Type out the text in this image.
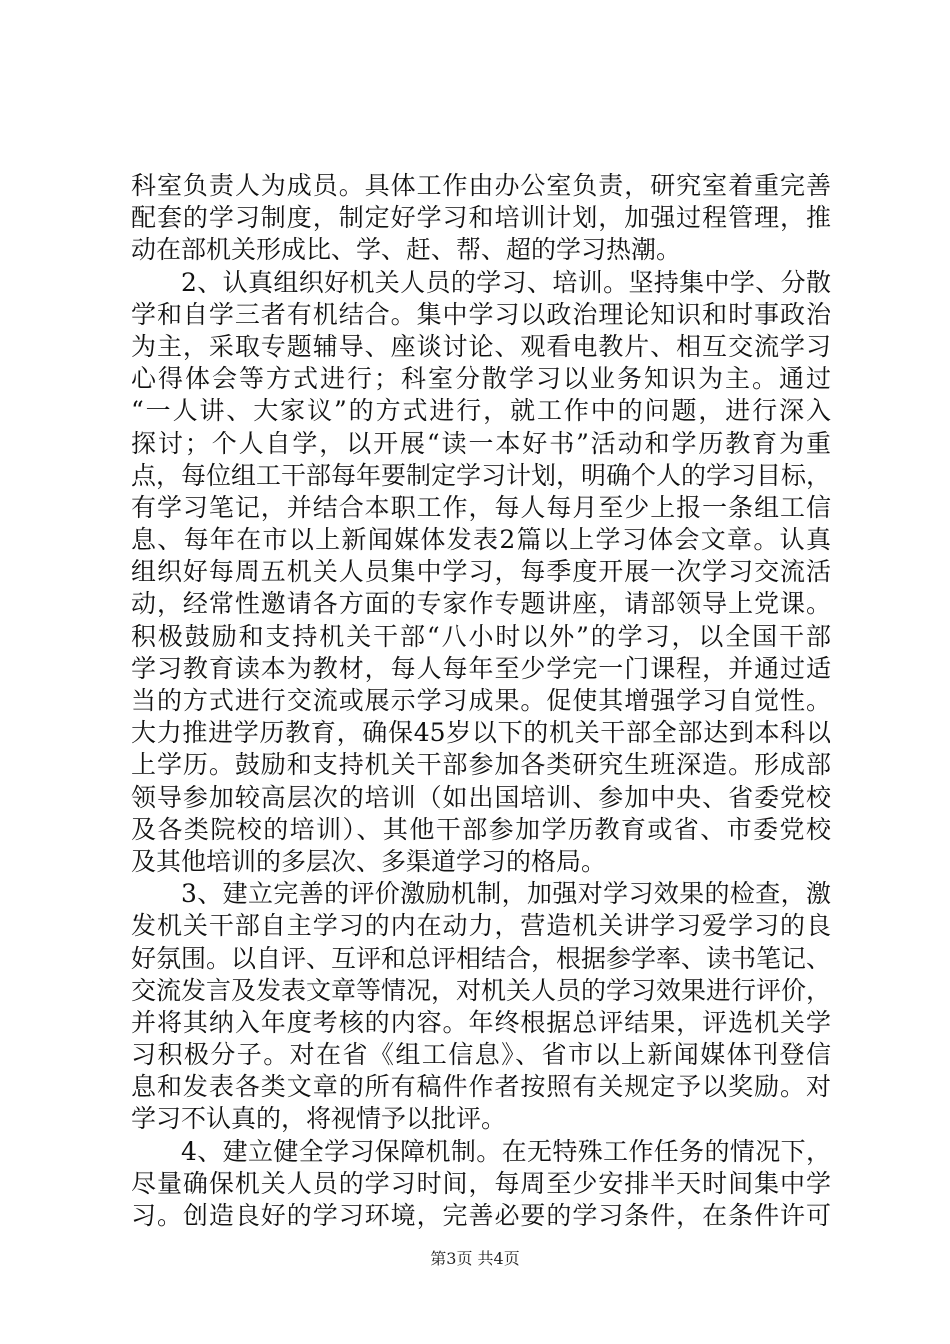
科室负责人为成员。具体工作由办公室负责，研究室着重完善
配套的学习制度，制定好学习和培训计划，加强过程管理，推
动在部机关形成比、学、赶、帮、超的学习热潮。
2、认真组织好机关人员的学习、培训。坚持集中学、分散
学和自学三者有机结合。集中学习以政治理论知识和时事政治
为主，采取专题辅导、座谈讨论、观看电教片、相互交流学习
心得体会等方式进行；科室分散学习以业务知识为主。通过
“一人讲、大家议”的方式进行，就工作中的问题，进行深入
探讨；个人自学，以开展“读一本好书”活动和学历教育为重
点，每位组工干部每年要制定学习计划，明确个人的学习目标，
有学习笔记，并结合本职工作，每人每月至少上报一条组工信
息、每年在市以上新闻媒体发表2篇以上学习体会文章。认真
组织好每周五机关人员集中学习，每季度开展一次学习交流活
动，经常性邀请各方面的专家作专题讲座，请部领导上党课。
积极鼓励和支持机关干部“八小时以外”的学习，以全国干部
学习教育读本为教材，每人每年至少学完一门课程，并通过适
当的方式进行交流或展示学习成果。促使其增强学习自觉性。
大力推进学历教育，确保45岁以下的机关干部全部达到本科以
上学历。鼓励和支持机关干部参加各类研究生班深造。形成部
领导参加较高层次的培训（如出国培训、参加中央、省委党校
及各类院校的培训）、其他干部参加学历教育或省、市委党校
及其他培训的多层次、多渠道学习的格局。
3、建立完善的评价激励机制，加强对学习效果的检查，激
发机关干部自主学习的内在动力，营造机关讲学习爱学习的良
好氛围。以自评、互评和总评相结合，根据参学率、读书笔记、
交流发言及发表文章等情况，对机关人员的学习效果进行评价，
并将其纳入年度考核的内容。年终根据总评结果，评选机关学
习积极分子。对在省《组工信息》、省市以上新闻媒体刊登信
息和发表各类文章的所有稿件作者按照有关规定予以奖励。对
学习不认真的，将视情予以批评。
4、建立健全学习保障机制。在无特殊工作任务的情况下，
尽量确保机关人员的学习时间，每周至少安排半天时间集中学
习。创造良好的学习环境，完善必要的学习条件，在条件许可
第3页 共4页
